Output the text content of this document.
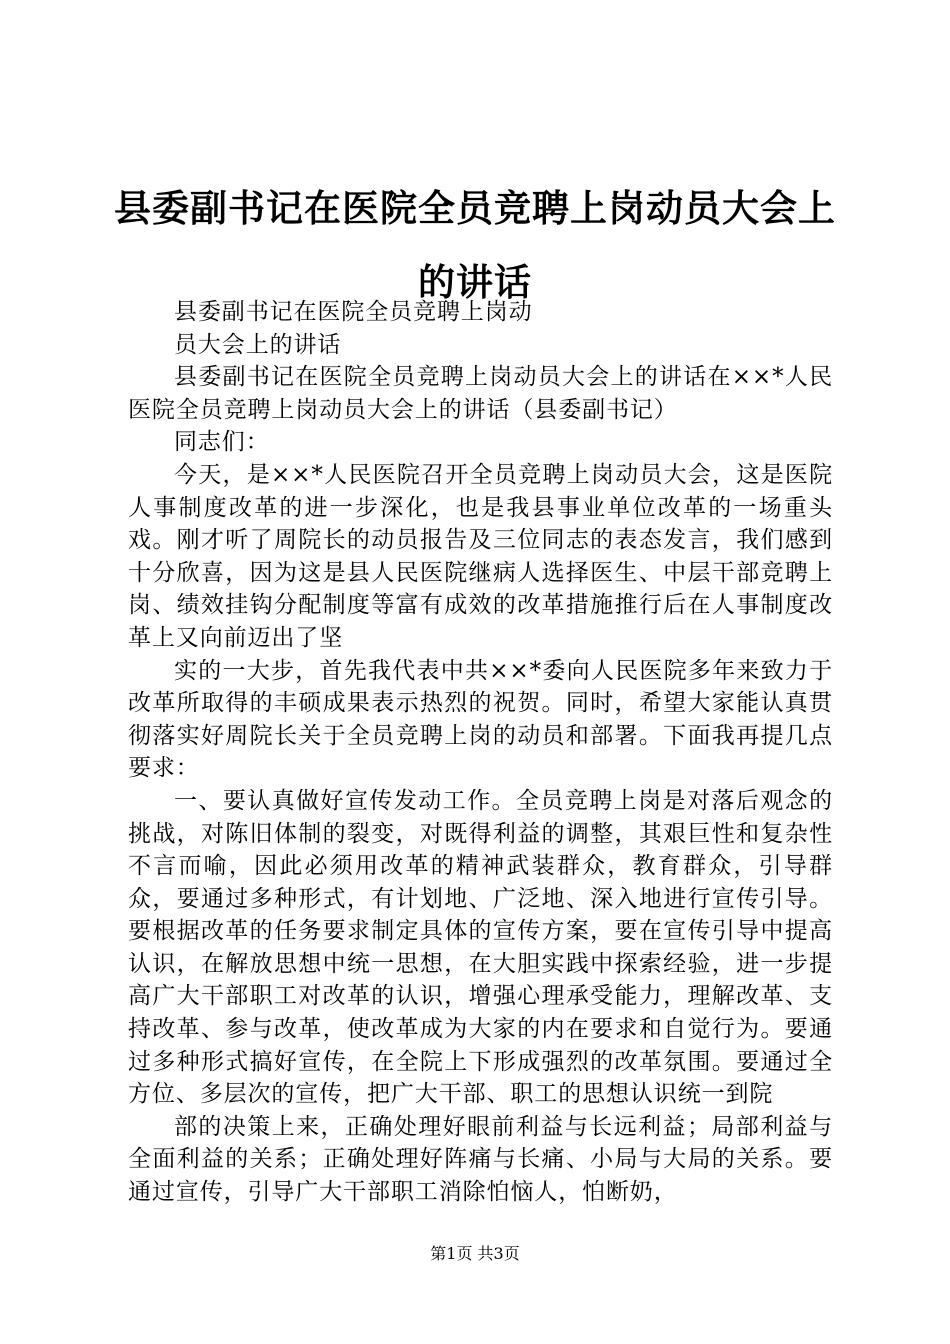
县委副书记在医院全员竞聘上岗动员大会上的讲话

县委副书记在医院全员竞聘上岗动

员大会上的讲话

县委副书记在医院全员竞聘上岗动员大会上的讲话在××*人民医院全员竞聘上岗动员大会上的讲话（县委副书记）

同志们：

今天，是××*人民医院召开全员竞聘上岗动员大会，这是医院人事制度改革的进一步深化，也是我县事业单位改革的一场重头戏。刚才听了周院长的动员报告及三位同志的表态发言，我们感到十分欣喜，因为这是县人民医院继病人选择医生、中层干部竞聘上岗、绩效挂钩分配制度等富有成效的改革措施推行后在人事制度改革上又向前迈出了坚

实的一大步，首先我代表中共××*委向人民医院多年来致力于改革所取得的丰硕成果表示热烈的祝贺。同时，希望大家能认真贯彻落实好周院长关于全员竞聘上岗的动员和部署。下面我再提几点要求：

一、要认真做好宣传发动工作。全员竞聘上岗是对落后观念的挑战，对陈旧体制的裂变，对既得利益的调整，其艰巨性和复杂性不言而喻，因此必须用改革的精神武装群众，教育群众，引导群众，要通过多种形式，有计划地、广泛地、深入地进行宣传引导。要根据改革的任务要求制定具体的宣传方案，要在宣传引导中提高认识，在解放思想中统一思想，在大胆实践中探索经验，进一步提高广大干部职工对改革的认识，增强心理承受能力，理解改革、支持改革、参与改革，使改革成为大家的内在要求和自觉行为。要通过多种形式搞好宣传，在全院上下形成强烈的改革氛围。要通过全方位、多层次的宣传，把广大干部、职工的思想认识统一到院

部的决策上来，正确处理好眼前利益与长远利益；局部利益与全面利益的关系；正确处理好阵痛与长痛、小局与大局的关系。要通过宣传，引导广大干部职工消除怕恼人，怕断奶，

第1页 共3页
